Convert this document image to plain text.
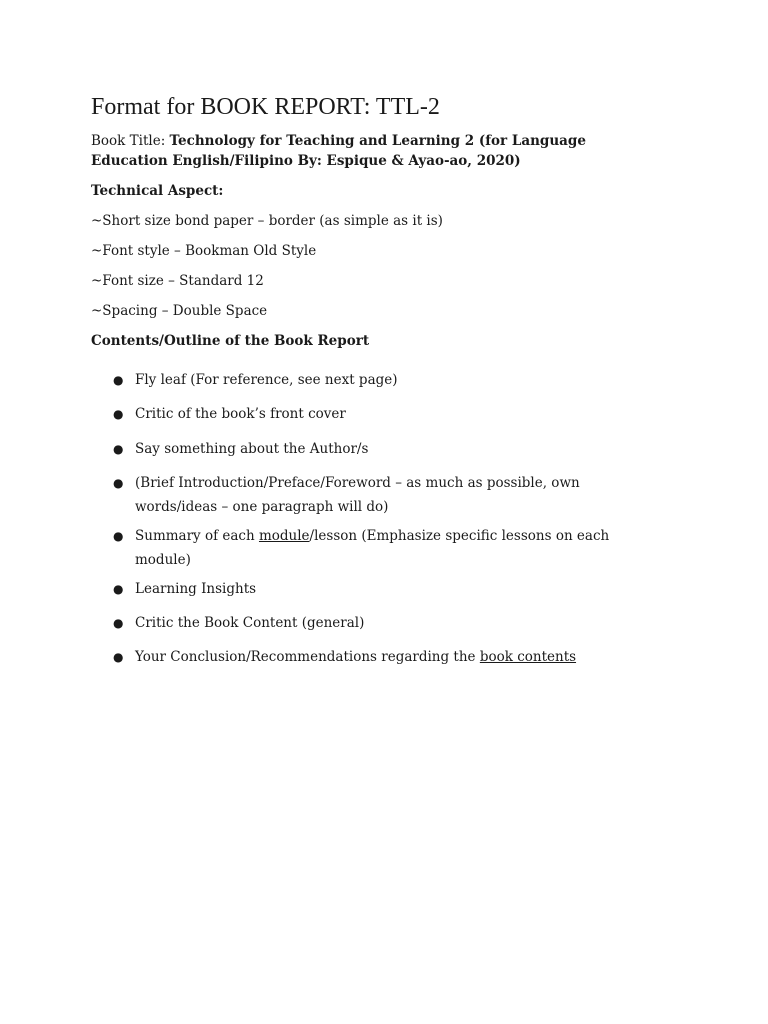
Format for BOOK REPORT: TTL-2
Book Title: Technology for Teaching and Learning 2 (for Language
Education English/Filipino By: Espique & Ayao-ao, 2020)
Technical Aspect:
~Short size bond paper – border (as simple as it is)
~Font style – Bookman Old Style
~Font size – Standard 12
~Spacing – Double Space
Contents/Outline of the Book Report
● Fly leaf (For reference, see next page)
● Critic of the book’s front cover
● Say something about the Author/s
● (Brief Introduction/Preface/Foreword – as much as possible, own
words/ideas – one paragraph will do)
● Summary of each module/lesson (Emphasize specific lessons on each
module)
● Learning Insights
● Critic the Book Content (general)
● Your Conclusion/Recommendations regarding the book contents
